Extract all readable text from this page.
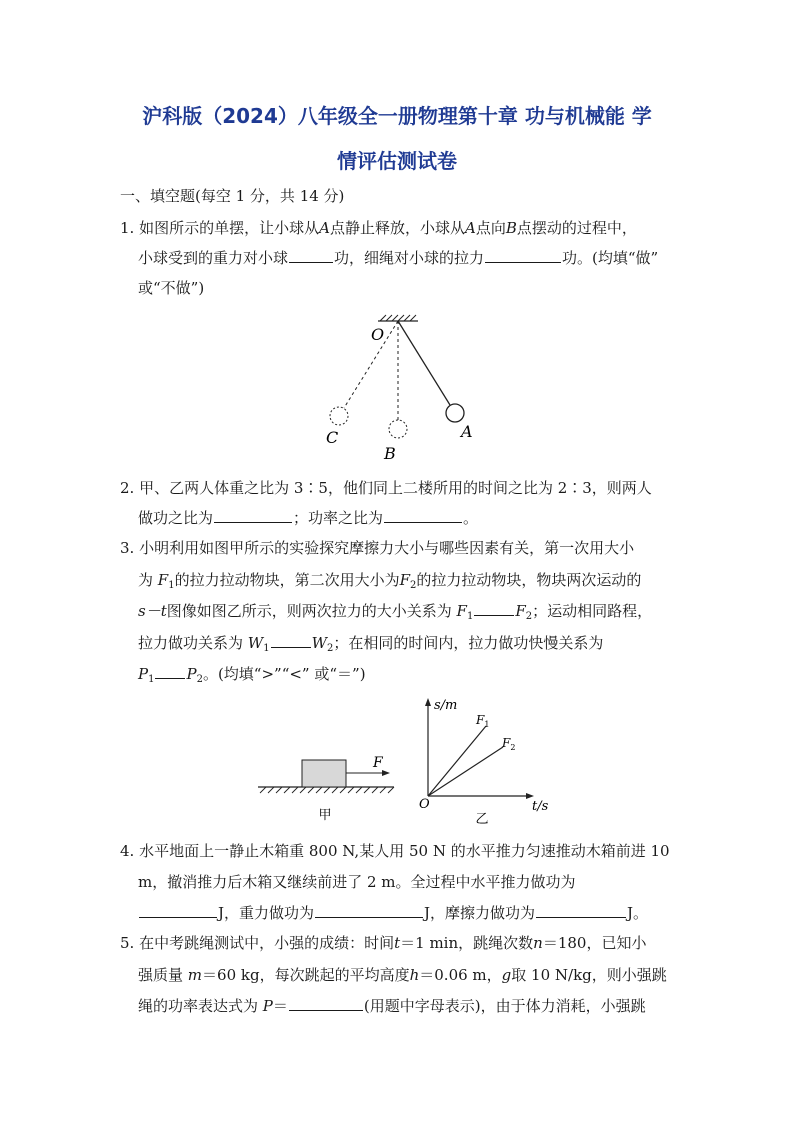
沪科版（2024）八年级全一册物理第十章 功与机械能 学
情评估测试卷
一、填空题(每空 1 分，共 14 分)
1. 如图所示的单摆，让小球从A点静止释放，小球从A点向B点摆动的过程中，
小球受到的重力对小球	功，细绳对小球的拉力	功。(均填“做”
或“不做”)
O
A
B
C
2. 甲、乙两人体重之比为 3∶5，他们同上二楼所用的时间之比为 2∶3，则两人
做功之比为	；功率之比为	。
3. 小明利用如图甲所示的实验探究摩擦力大小与哪些因素有关，第一次用大小
为 $F_1$的拉力拉动物块，第二次用大小为$F_2$的拉力拉动物块，物块两次运动的
s－t图像如图乙所示，则两次拉力的大小关系为 $F_1$	$F_2$；运动相同路程，
拉力做功关系为 $W_1$	$W_2$；在相同的时间内，拉力做功快慢关系为
$P_1$ $P_2$。(均填“>”“<” 或“＝”)
F
甲
s/m
t/s
O
$F_1$
$F_2$
乙
4. 水平地面上一静止木箱重 800 N,某人用 50 N 的水平推力匀速推动木箱前进 10
m，撤消推力后木箱又继续前进了 2 m。全过程中水平推力做功为
J，重力做功为	J，摩擦力做功为	J。
5. 在中考跳绳测试中，小强的成绩：时间t＝1 min，跳绳次数n＝180，已知小
强质量 m＝60 kg，每次跳起的平均高度h＝0.06 m，g取 10 N/kg，则小强跳
绳的功率表达式为 P＝	(用题中字母表示)，由于体力消耗，小强跳
